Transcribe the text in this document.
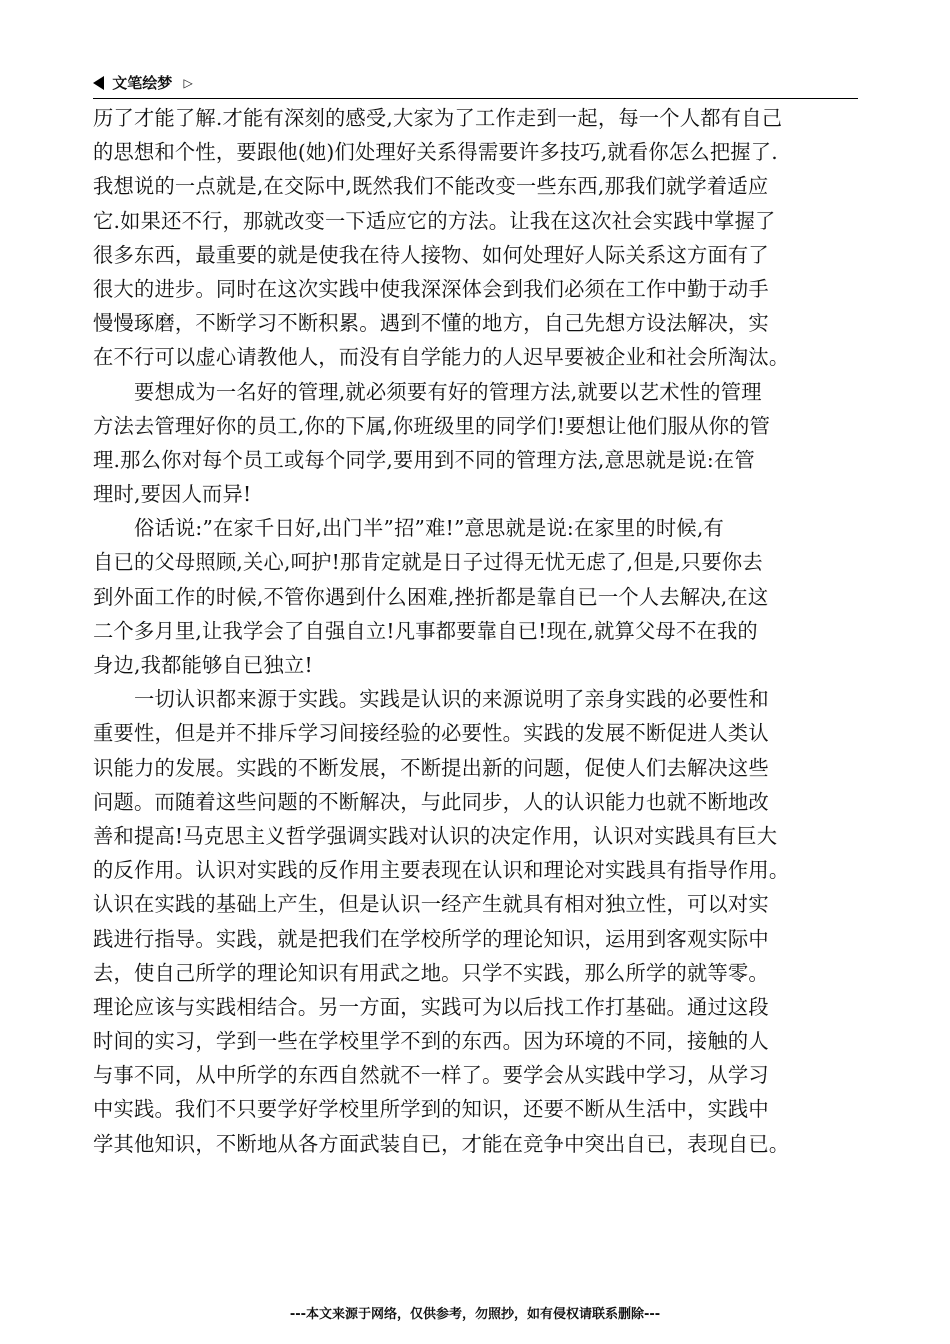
文笔绘梦 ▷
历了才能了解.才能有深刻的感受,大家为了工作走到一起，每一个人都有自己
的思想和个性，要跟他(她)们处理好关系得需要许多技巧,就看你怎么把握了.
我想说的一点就是,在交际中,既然我们不能改变一些东西,那我们就学着适应
它.如果还不行，那就改变一下适应它的方法。让我在这次社会实践中掌握了
很多东西，最重要的就是使我在待人接物、如何处理好人际关系这方面有了
很大的进步。同时在这次实践中使我深深体会到我们必须在工作中勤于动手
慢慢琢磨，不断学习不断积累。遇到不懂的地方，自己先想方设法解决，实
在不行可以虚心请教他人，而没有自学能力的人迟早要被企业和社会所淘汰。
　　要想成为一名好的管理,就必须要有好的管理方法,就要以艺术性的管理
方法去管理好你的员工,你的下属,你班级里的同学们!要想让他们服从你的管
理.那么你对每个员工或每个同学,要用到不同的管理方法,意思就是说:在管
理时,要因人而异!
　　俗话说:”在家千日好,出门半”招”难!”意思就是说:在家里的时候,有
自已的父母照顾,关心,呵护!那肯定就是日子过得无忧无虑了,但是,只要你去
到外面工作的时候,不管你遇到什么困难,挫折都是靠自已一个人去解决,在这
二个多月里,让我学会了自强自立!凡事都要靠自已!现在,就算父母不在我的
身边,我都能够自已独立!
　　一切认识都来源于实践。实践是认识的来源说明了亲身实践的必要性和
重要性，但是并不排斥学习间接经验的必要性。实践的发展不断促进人类认
识能力的发展。实践的不断发展，不断提出新的问题，促使人们去解决这些
问题。而随着这些问题的不断解决，与此同步，人的认识能力也就不断地改
善和提高!马克思主义哲学强调实践对认识的决定作用，认识对实践具有巨大
的反作用。认识对实践的反作用主要表现在认识和理论对实践具有指导作用。
认识在实践的基础上产生，但是认识一经产生就具有相对独立性，可以对实
践进行指导。实践，就是把我们在学校所学的理论知识，运用到客观实际中
去，使自己所学的理论知识有用武之地。只学不实践，那么所学的就等零。
理论应该与实践相结合。另一方面，实践可为以后找工作打基础。通过这段
时间的实习，学到一些在学校里学不到的东西。因为环境的不同，接触的人
与事不同，从中所学的东西自然就不一样了。要学会从实践中学习，从学习
中实践。我们不只要学好学校里所学到的知识，还要不断从生活中，实践中
学其他知识，不断地从各方面武装自已，才能在竞争中突出自已，表现自已。
---本文来源于网络，仅供参考，勿照抄，如有侵权请联系删除---
